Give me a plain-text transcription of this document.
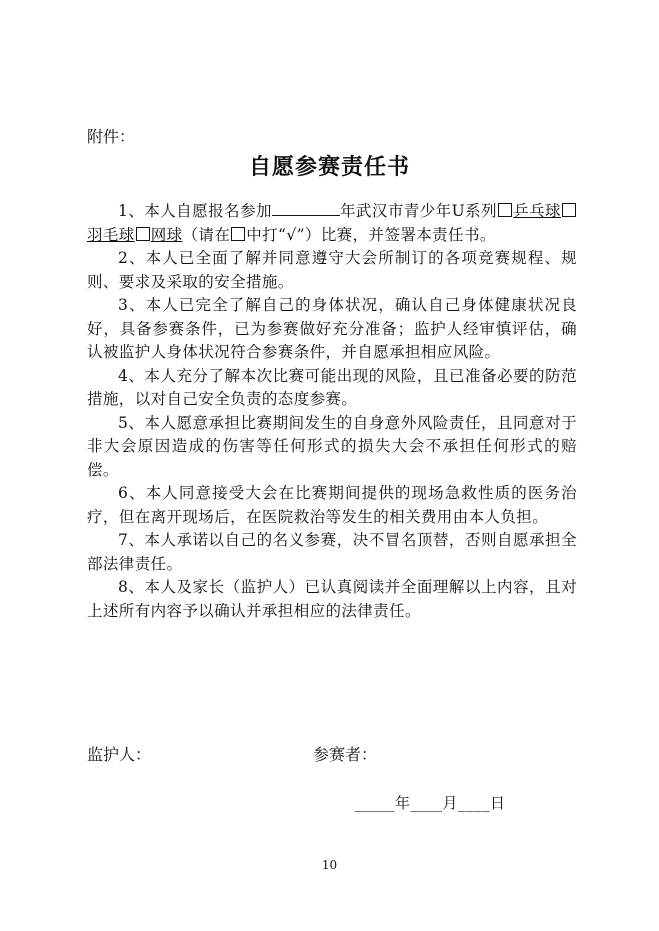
附件：
自愿参赛责任书

1、本人自愿报名参加	年武汉市青少年U系列 乒乓球羽毛球 网球（请在 中打“√”）比赛，并签署本责任书。

2、本人已全面了解并同意遵守大会所制订的各项竞赛规程、规则、要求及采取的安全措施。

3、本人已完全了解自己的身体状况，确认自己身体健康状况良好，具备参赛条件，已为参赛做好充分准备；监护人经审慎评估，确认被监护人身体状况符合参赛条件，并自愿承担相应风险。

4、本人充分了解本次比赛可能出现的风险，且已准备必要的防范措施，以对自己安全负责的态度参赛。

5、本人愿意承担比赛期间发生的自身意外风险责任，且同意对于非大会原因造成的伤害等任何形式的损失大会不承担任何形式的赔偿。

6、本人同意接受大会在比赛期间提供的现场急救性质的医务治疗，但在离开现场后，在医院救治等发生的相关费用由本人负担。

7、本人承诺以自己的名义参赛，决不冒名顶替，否则自愿承担全部法律责任。

8、本人及家长（监护人）已认真阅读并全面理解以上内容，且对上述所有内容予以确认并承担相应的法律责任。

监护人：	参赛者：
_____年____月____日
10
